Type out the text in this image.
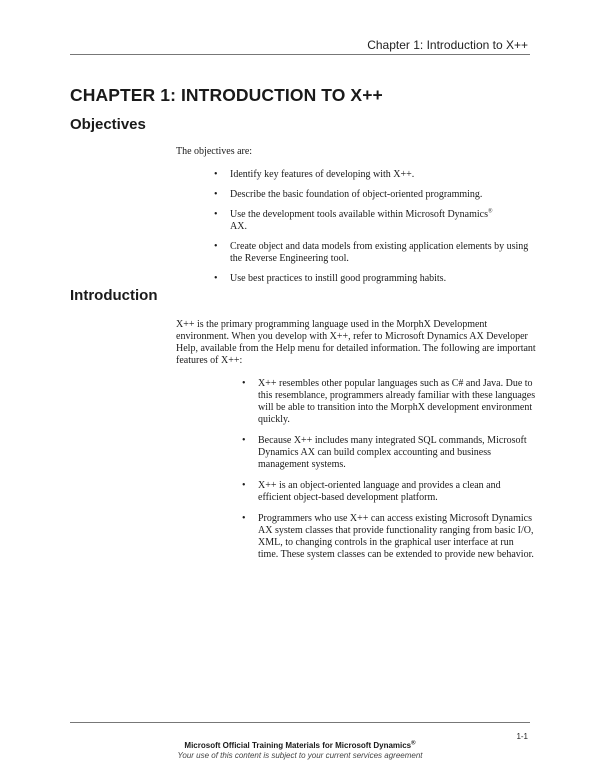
Chapter 1: Introduction to X++
CHAPTER 1: INTRODUCTION TO X++
Objectives

The objectives are:

• Identify key features of developing with X++.
• Describe the basic foundation of object-oriented programming.
• Use the development tools available within Microsoft Dynamics®
AX.
• Create object and data models from existing application elements by using the Reverse Engineering tool.
• Use best practices to instill good programming habits.
Introduction

X++ is the primary programming language used in the MorphX Development environment. When you develop with X++, refer to Microsoft Dynamics AX Developer Help, available from the Help menu for detailed information. The following are important features of X++:

• X++ resembles other popular languages such as C# and Java. Due to this resemblance, programmers already familiar with these languages will be able to transition into the MorphX development environment quickly.
• Because X++ includes many integrated SQL commands, Microsoft Dynamics AX can build complex accounting and business management systems.
• X++ is an object-oriented language and provides a clean and efficient object-based development platform.
• Programmers who use X++ can access existing Microsoft Dynamics AX system classes that provide functionality ranging from basic I/O, XML, to changing controls in the graphical user interface at run time. These system classes can be extended to provide new behavior.
1-1
Microsoft Official Training Materials for Microsoft Dynamics®
Your use of this content is subject to your current services agreement
